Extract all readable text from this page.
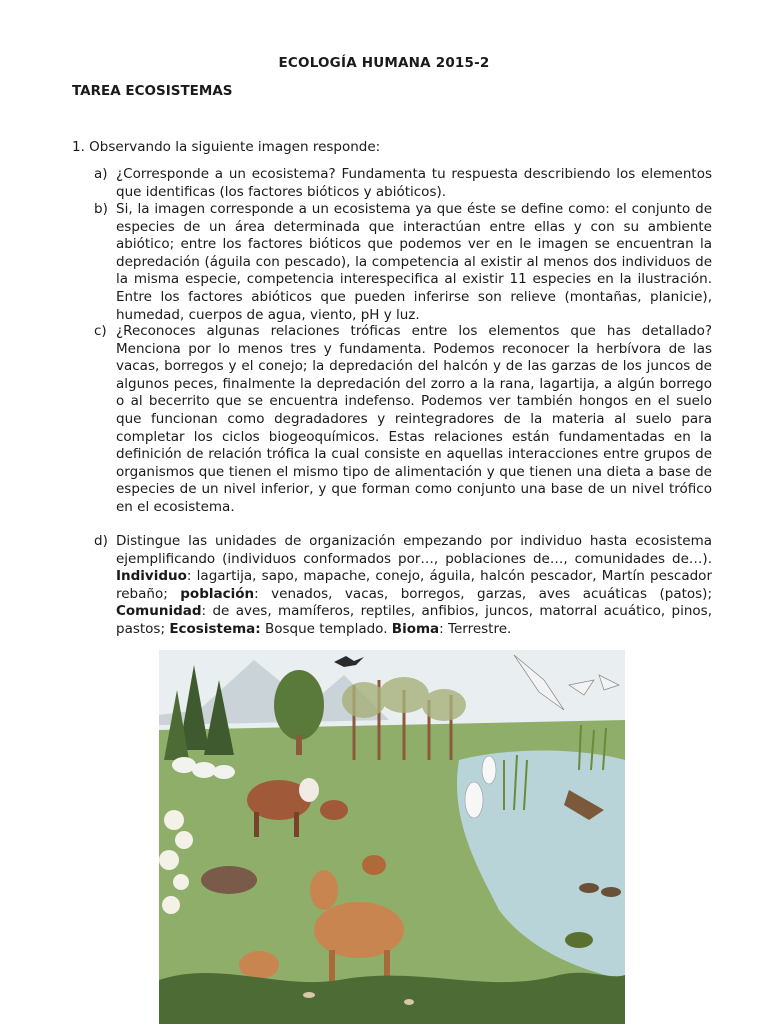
ECOLOGÍA HUMANA 2015-2
TAREA ECOSISTEMAS
1. Observando la siguiente imagen responde:
a) ¿Corresponde a un ecosistema? Fundamenta tu respuesta describiendo los elementos que identificas (los factores bióticos y abióticos).
b) Si, la imagen corresponde a un ecosistema ya que éste se define como: el conjunto de especies de un área determinada que interactúan entre ellas y con su ambiente abiótico; entre los factores bióticos que podemos ver en le imagen se encuentran la depredación (águila con pescado), la competencia al existir al menos dos individuos de la misma especie, competencia interespecifica al existir 11 especies en la ilustración. Entre los factores abióticos que pueden inferirse son relieve (montañas, planicie), humedad, cuerpos de agua, viento, pH y luz.
c) ¿Reconoces algunas relaciones tróficas entre los elementos que has detallado? Menciona por lo menos tres y fundamenta. Podemos reconocer la herbívora de las vacas, borregos y el conejo; la depredación del halcón y de las garzas de los juncos de algunos peces, finalmente la depredación del zorro a la rana, lagartija, a algún borrego o al becerrito que se encuentra indefenso. Podemos ver también hongos en el suelo que funcionan como degradadores y reintegradores de la materia al suelo para completar los ciclos biogeoquímicos. Estas relaciones están fundamentadas en la definición de relación trófica la cual consiste en aquellas interacciones entre grupos de organismos que tienen el mismo tipo de alimentación y que tienen una dieta a base de especies de un nivel inferior, y que forman como conjunto una base de un nivel trófico en el ecosistema.
d) Distingue las unidades de organización empezando por individuo hasta ecosistema ejemplificando (individuos conformados por…, poblaciones de…, comunidades de…). Individuo: lagartija, sapo, mapache, conejo, águila, halcón pescador, Martín pescador rebaño; población: venados, vacas, borregos, garzas, aves acuáticas (patos); Comunidad: de aves, mamíferos, reptiles, anfibios, juncos, matorral acuático, pinos, pastos; Ecosistema: Bosque templado. Bioma: Terrestre.
